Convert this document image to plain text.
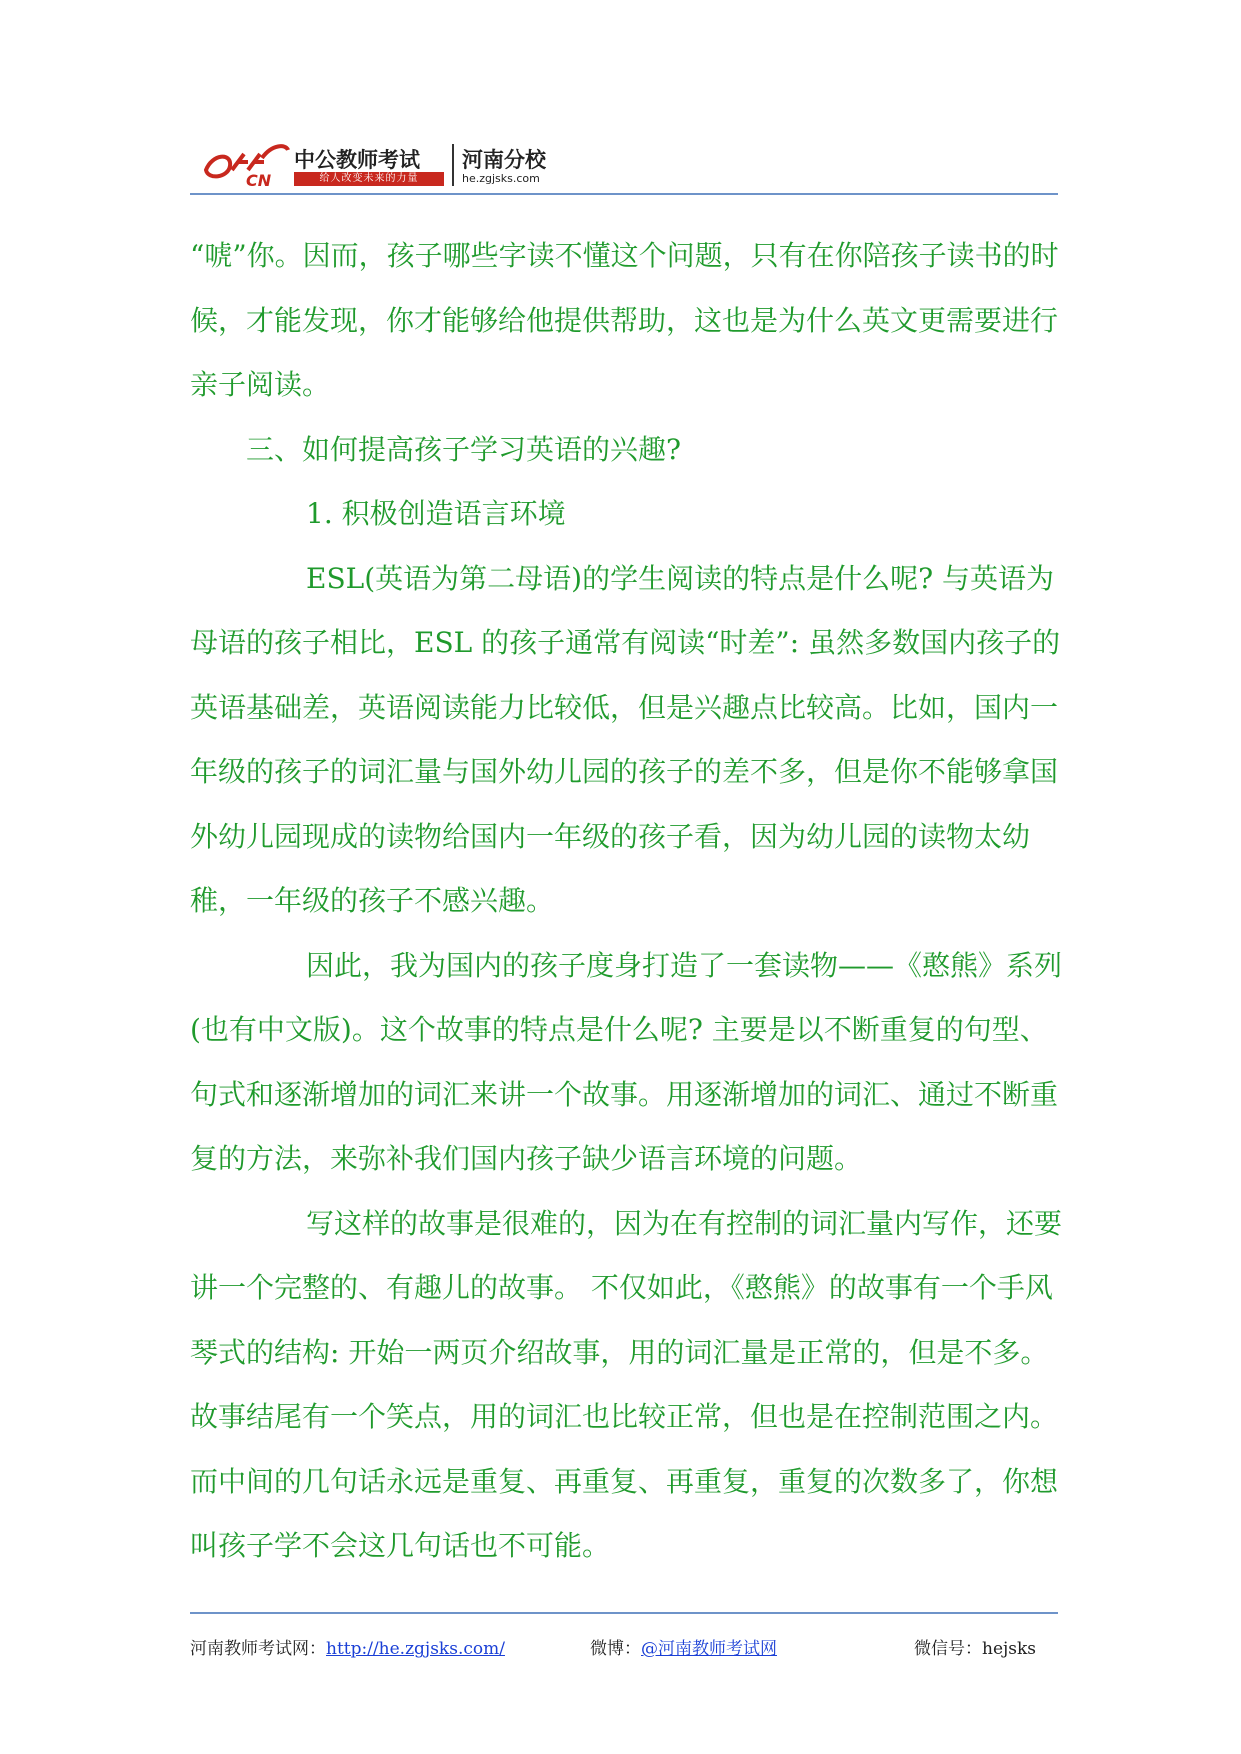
CN
中公教师考试
给人改变未来的力量
河南分校
he.zgjsks.com

“唬”你。因而，孩子哪些字读不懂这个问题，只有在你陪孩子读书的时候，才能发现，你才能够给他提供帮助，这也是为什么英文更需要进行亲子阅读。

三、如何提高孩子学习英语的兴趣?

1. 积极创造语言环境

ESL(英语为第二母语)的学生阅读的特点是什么呢? 与英语为母语的孩子相比，ESL 的孩子通常有阅读“时差”: 虽然多数国内孩子的英语基础差，英语阅读能力比较低，但是兴趣点比较高。比如，国内一年级的孩子的词汇量与国外幼儿园的孩子的差不多，但是你不能够拿国外幼儿园现成的读物给国内一年级的孩子看，因为幼儿园的读物太幼稚，一年级的孩子不感兴趣。

因此，我为国内的孩子度身打造了一套读物——《憨熊》系列(也有中文版)。这个故事的特点是什么呢? 主要是以不断重复的句型、句式和逐渐增加的词汇来讲一个故事。用逐渐增加的词汇、通过不断重复的方法，来弥补我们国内孩子缺少语言环境的问题。

写这样的故事是很难的，因为在有控制的词汇量内写作，还要讲一个完整的、有趣儿的故事。 不仅如此，《憨熊》的故事有一个手风琴式的结构: 开始一两页介绍故事，用的词汇量是正常的，但是不多。故事结尾有一个笑点，用的词汇也比较正常，但也是在控制范围之内。而中间的几句话永远是重复、再重复、再重复，重复的次数多了，你想叫孩子学不会这几句话也不可能。

河南教师考试网：http://he.zgjsks.com/	微博：@河南教师考试网	微信号：hejsks
